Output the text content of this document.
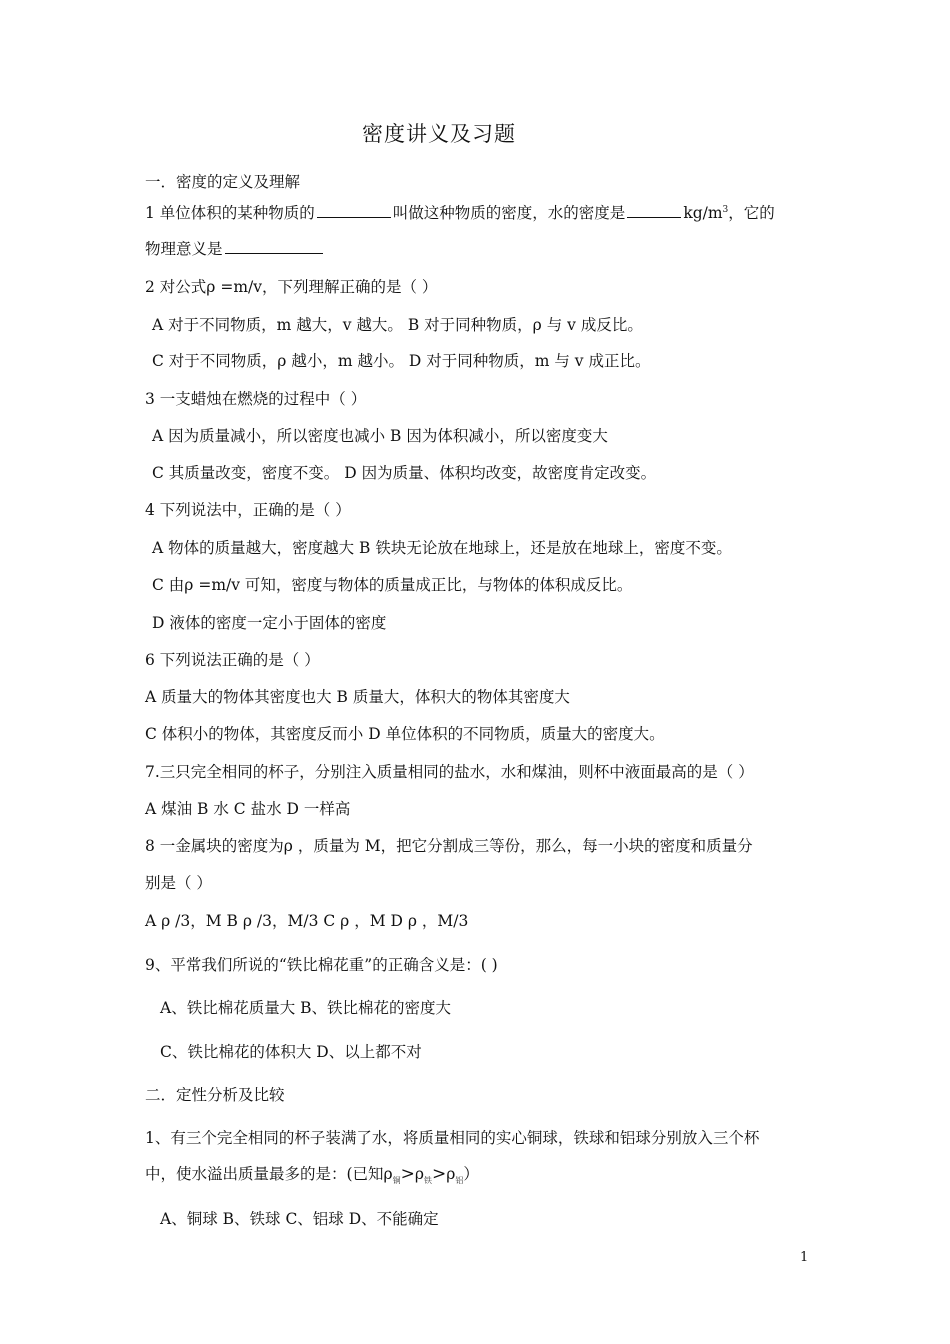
密度讲义及习题
一．密度的定义及理解
1 单位体积的某种物质的	叫做这种物质的密度，水的密度是	$kg/m^3$，它的
物理意义是
2 对公式ρ =m/v，下列理解正确的是（ ）
A 对于不同物质，m 越大，v 越大。 B 对于同种物质，ρ 与 v 成反比。
C 对于不同物质，ρ 越小，m 越小。 D 对于同种物质，m 与 v 成正比。
3 一支蜡烛在燃烧的过程中（ ）
A 因为质量减小，所以密度也减小 B 因为体积减小，所以密度变大
C 其质量改变，密度不变。 D 因为质量、体积均改变，故密度肯定改变。
4 下列说法中，正确的是（ ）
A 物体的质量越大，密度越大 B 铁块无论放在地球上，还是放在地球上，密度不变。
C 由ρ =m/v 可知，密度与物体的质量成正比，与物体的体积成反比。
D 液体的密度一定小于固体的密度
6 下列说法正确的是（ ）
A 质量大的物体其密度也大 B 质量大，体积大的物体其密度大
C 体积小的物体，其密度反而小 D 单位体积的不同物质，质量大的密度大。
7.三只完全相同的杯子，分别注入质量相同的盐水，水和煤油，则杯中液面最高的是（ ）
A 煤油 B 水 C 盐水 D 一样高
8 一金属块的密度为ρ ，质量为 M，把它分割成三等份，那么，每一小块的密度和质量分
别是（ ）
A ρ /3，M B ρ /3，M/3 C ρ ，M D ρ ，M/3
9、平常我们所说的“铁比棉花重”的正确含义是：( )
A、铁比棉花质量大 B、铁比棉花的密度大
C、铁比棉花的体积大 D、以上都不对
二．定性分析及比较
1、有三个完全相同的杯子装满了水，将质量相同的实心铜球，铁球和铝球分别放入三个杯
中，使水溢出质量最多的是：(已知$\rho_铜>\rho_铁>\rho_铝$）
A、铜球 B、铁球 C、铝球 D、不能确定
1
